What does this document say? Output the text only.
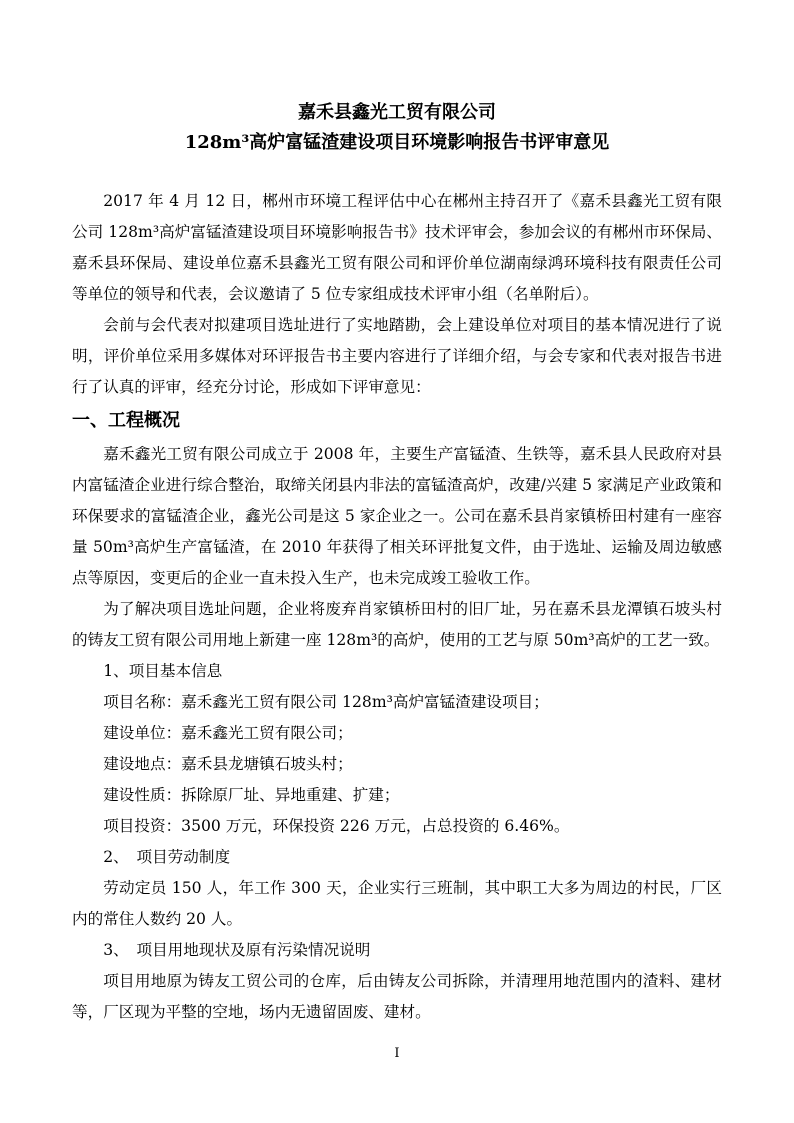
嘉禾县鑫光工贸有限公司
128m³高炉富锰渣建设项目环境影响报告书评审意见

2017 年 4 月 12 日，郴州市环境工程评估中心在郴州主持召开了《嘉禾县鑫光工贸有限公司 128m³高炉富锰渣建设项目环境影响报告书》技术评审会，参加会议的有郴州市环保局、嘉禾县环保局、建设单位嘉禾县鑫光工贸有限公司和评价单位湖南绿鸿环境科技有限责任公司等单位的领导和代表，会议邀请了 5 位专家组成技术评审小组（名单附后）。

会前与会代表对拟建项目选址进行了实地踏勘，会上建设单位对项目的基本情况进行了说明，评价单位采用多媒体对环评报告书主要内容进行了详细介绍，与会专家和代表对报告书进行了认真的评审，经充分讨论，形成如下评审意见：

一、工程概况

嘉禾鑫光工贸有限公司成立于 2008 年，主要生产富锰渣、生铁等，嘉禾县人民政府对县内富锰渣企业进行综合整治，取缔关闭县内非法的富锰渣高炉，改建/兴建 5 家满足产业政策和环保要求的富锰渣企业，鑫光公司是这 5 家企业之一。公司在嘉禾县肖家镇桥田村建有一座容量 50m³高炉生产富锰渣，在 2010 年获得了相关环评批复文件，由于选址、运输及周边敏感点等原因，变更后的企业一直未投入生产，也未完成竣工验收工作。

为了解决项目选址问题，企业将废弃肖家镇桥田村的旧厂址，另在嘉禾县龙潭镇石坡头村的铸友工贸有限公司用地上新建一座 128m³的高炉，使用的工艺与原 50m³高炉的工艺一致。

1、项目基本信息

项目名称：嘉禾鑫光工贸有限公司 128m³高炉富锰渣建设项目；

建设单位：嘉禾鑫光工贸有限公司；

建设地点：嘉禾县龙塘镇石坡头村；

建设性质：拆除原厂址、异地重建、扩建；

项目投资：3500 万元，环保投资 226 万元，占总投资的 6.46%。

2、　项目劳动制度

劳动定员 150 人，年工作 300 天，企业实行三班制，其中职工大多为周边的村民，厂区内的常住人数约 20 人。

3、　项目用地现状及原有污染情况说明

项目用地原为铸友工贸公司的仓库，后由铸友公司拆除，并清理用地范围内的渣料、建材等，厂区现为平整的空地，场内无遗留固废、建材。

I
